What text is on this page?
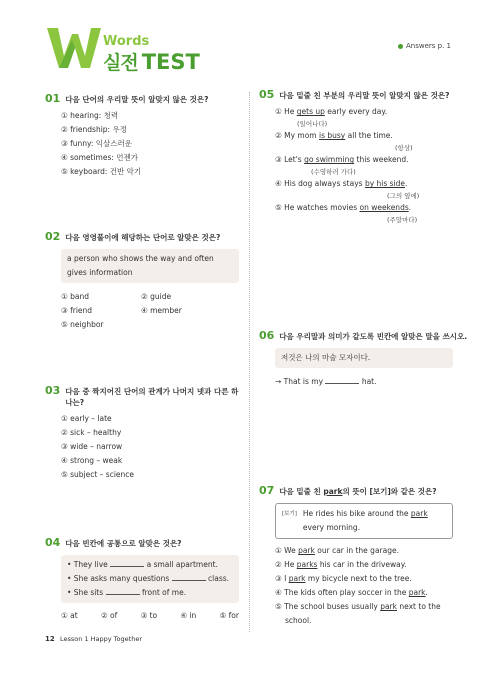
Words
실전 TEST
Answers p. 1
01 다음 단어의 우리말 뜻이 알맞지 않은 것은?
① hearing: 청력
② friendship: 우정
③ funny: 익살스러운
④ sometimes: 언젠가
⑤ keyboard: 건반 악기
02 다음 영영풀이에 해당하는 단어로 알맞은 것은?
a person who shows the way and often gives information
① band	② guide
③ friend	④ member
⑤ neighbor
03 다음 중 짝지어진 단어의 관계가 나머지 넷과 다른 하나는?
① early – late
② sick – healthy
③ wide – narrow
④ strong – weak
⑤ subject – science
04 다음 빈칸에 공통으로 알맞은 것은?
• They live	a small apartment.
• She asks many questions	class.
• She sits	front of me.
① at	② of	③ to	④ in	⑤ for
05 다음 밑줄 친 부분의 우리말 뜻이 알맞지 않은 것은?
① He gets up early every day.
(일어나다)
② My mom is busy all the time.
(항상)
③ Let's go swimming this weekend.
(수영하러 가다)
④ His dog always stays by his side.
(그의 옆에)
⑤ He watches movies on weekends.
(주말마다)
06 다음 우리말과 의미가 같도록 빈칸에 알맞은 말을 쓰시오.
저것은 나의 마술 모자이다.
→ That is my	hat.
07 다음 밑줄 친 park의 뜻이 [보기]와 같은 것은?
[보기] He rides his bike around the park
every morning.
① We park our car in the garage.
② He parks his car in the driveway.
③ I park my bicycle next to the tree.
④ The kids often play soccer in the park.
⑤ The school buses usually park next to the
school.
12 Lesson 1 Happy Together
